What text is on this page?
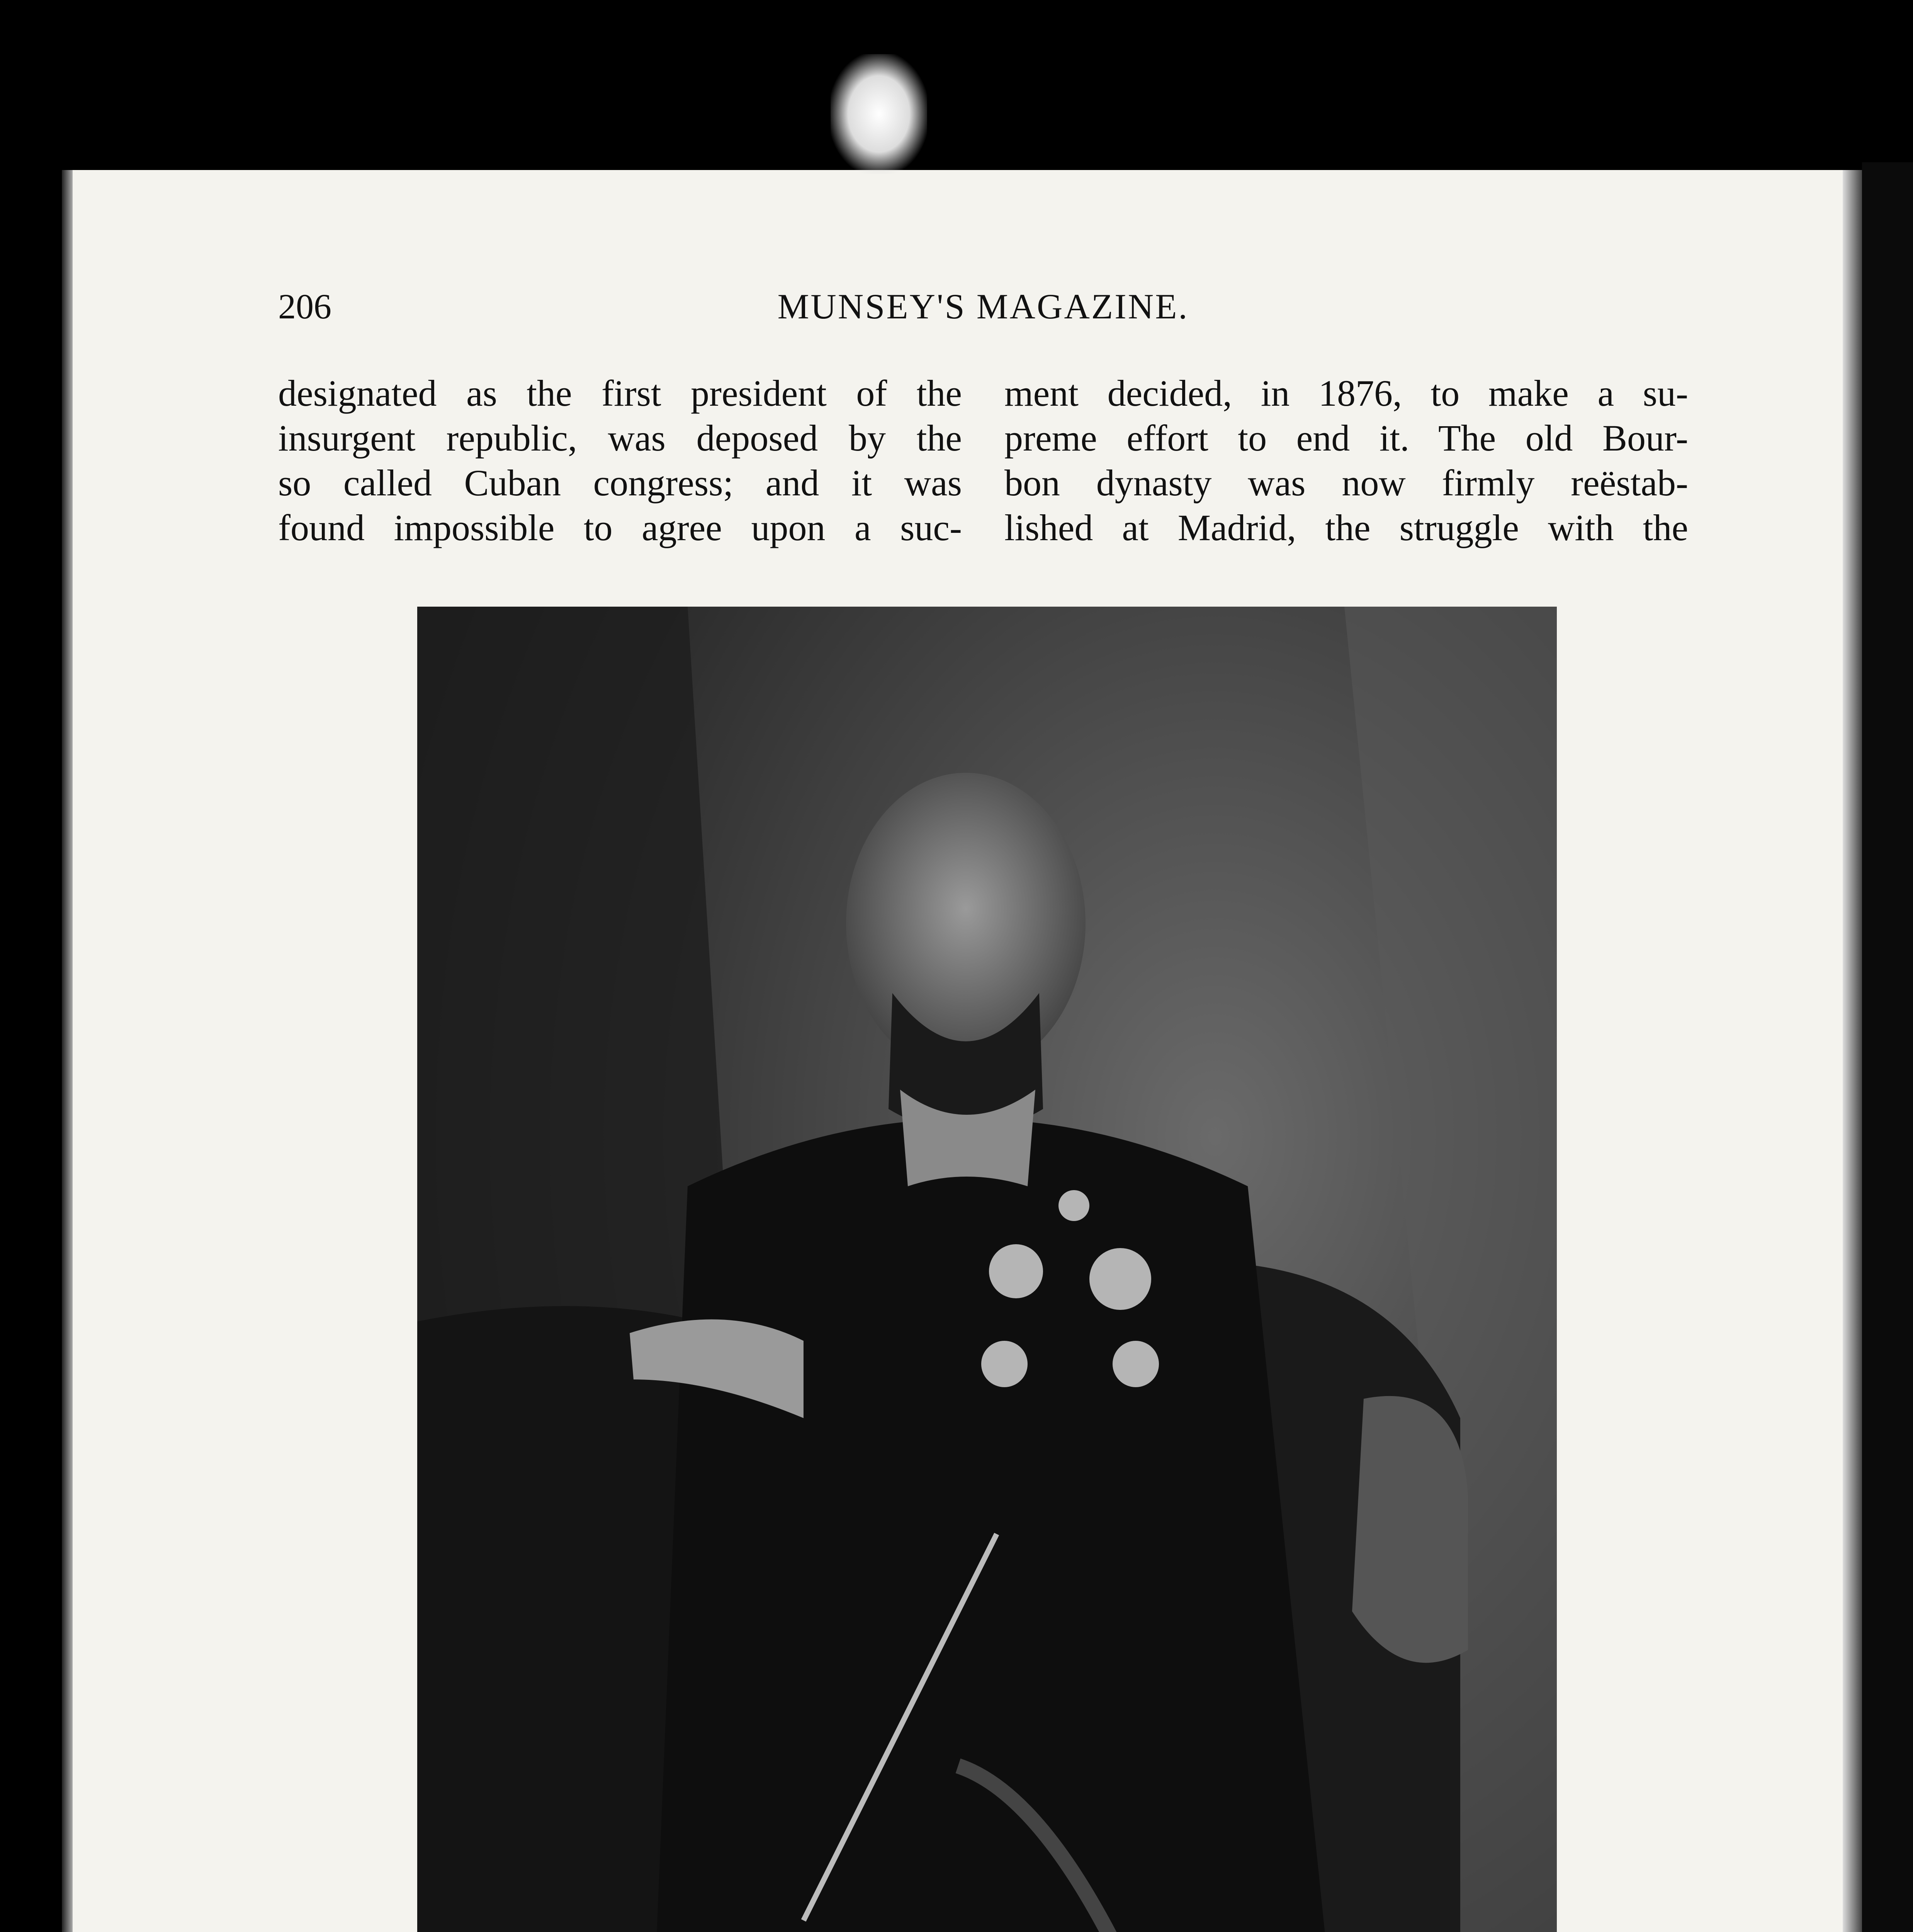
206	MUNSEY'S MAGAZINE.
designated as the first president of the
insurgent republic, was deposed by the
so called Cuban congress; and it was
found impossible to agree upon a suc-
ment decided, in 1876, to make a su-
preme effort to end it. The old Bour-
bon dynasty was now firmly reëstab-
lished at Madrid, the struggle with the
